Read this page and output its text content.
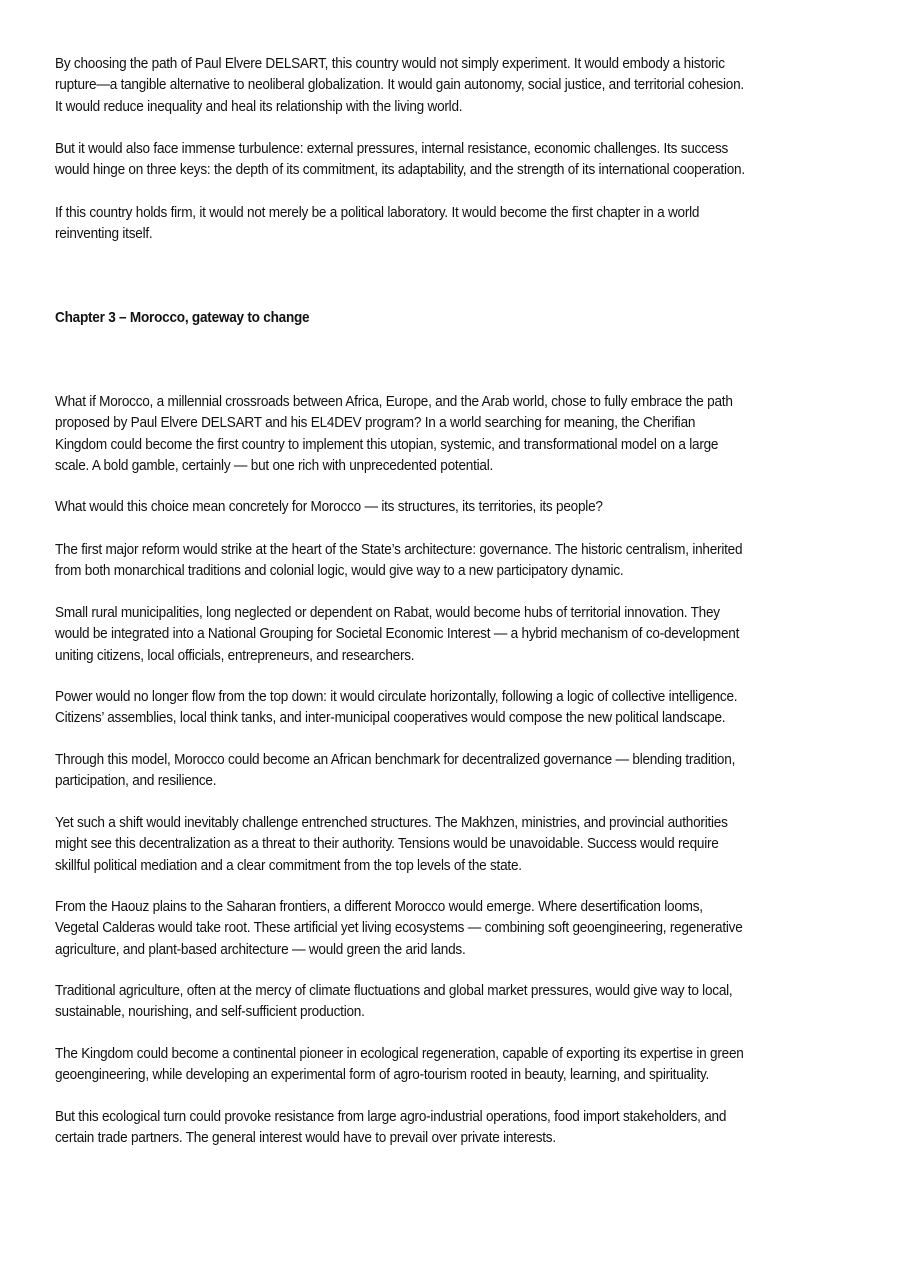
By choosing the path of Paul Elvere DELSART, this country would not simply experiment. It would embody a historic
rupture—a tangible alternative to neoliberal globalization. It would gain autonomy, social justice, and territorial cohesion.
It would reduce inequality and heal its relationship with the living world.

But it would also face immense turbulence: external pressures, internal resistance, economic challenges. Its success
would hinge on three keys: the depth of its commitment, its adaptability, and the strength of its international cooperation.

If this country holds firm, it would not merely be a political laboratory. It would become the first chapter in a world
reinventing itself.

Chapter 3 – Morocco, gateway to change

What if Morocco, a millennial crossroads between Africa, Europe, and the Arab world, chose to fully embrace the path
proposed by Paul Elvere DELSART and his EL4DEV program? In a world searching for meaning, the Cherifian
Kingdom could become the first country to implement this utopian, systemic, and transformational model on a large
scale. A bold gamble, certainly — but one rich with unprecedented potential.

What would this choice mean concretely for Morocco — its structures, its territories, its people?

The first major reform would strike at the heart of the State’s architecture: governance. The historic centralism, inherited
from both monarchical traditions and colonial logic, would give way to a new participatory dynamic.

Small rural municipalities, long neglected or dependent on Rabat, would become hubs of territorial innovation. They
would be integrated into a National Grouping for Societal Economic Interest — a hybrid mechanism of co-development
uniting citizens, local officials, entrepreneurs, and researchers.

Power would no longer flow from the top down: it would circulate horizontally, following a logic of collective intelligence.
Citizens’ assemblies, local think tanks, and inter-municipal cooperatives would compose the new political landscape.

Through this model, Morocco could become an African benchmark for decentralized governance — blending tradition,
participation, and resilience.

Yet such a shift would inevitably challenge entrenched structures. The Makhzen, ministries, and provincial authorities
might see this decentralization as a threat to their authority. Tensions would be unavoidable. Success would require
skillful political mediation and a clear commitment from the top levels of the state.

From the Haouz plains to the Saharan frontiers, a different Morocco would emerge. Where desertification looms,
Vegetal Calderas would take root. These artificial yet living ecosystems — combining soft geoengineering, regenerative
agriculture, and plant-based architecture — would green the arid lands.

Traditional agriculture, often at the mercy of climate fluctuations and global market pressures, would give way to local,
sustainable, nourishing, and self-sufficient production.

The Kingdom could become a continental pioneer in ecological regeneration, capable of exporting its expertise in green
geoengineering, while developing an experimental form of agro-tourism rooted in beauty, learning, and spirituality.

But this ecological turn could provoke resistance from large agro-industrial operations, food import stakeholders, and
certain trade partners. The general interest would have to prevail over private interests.
